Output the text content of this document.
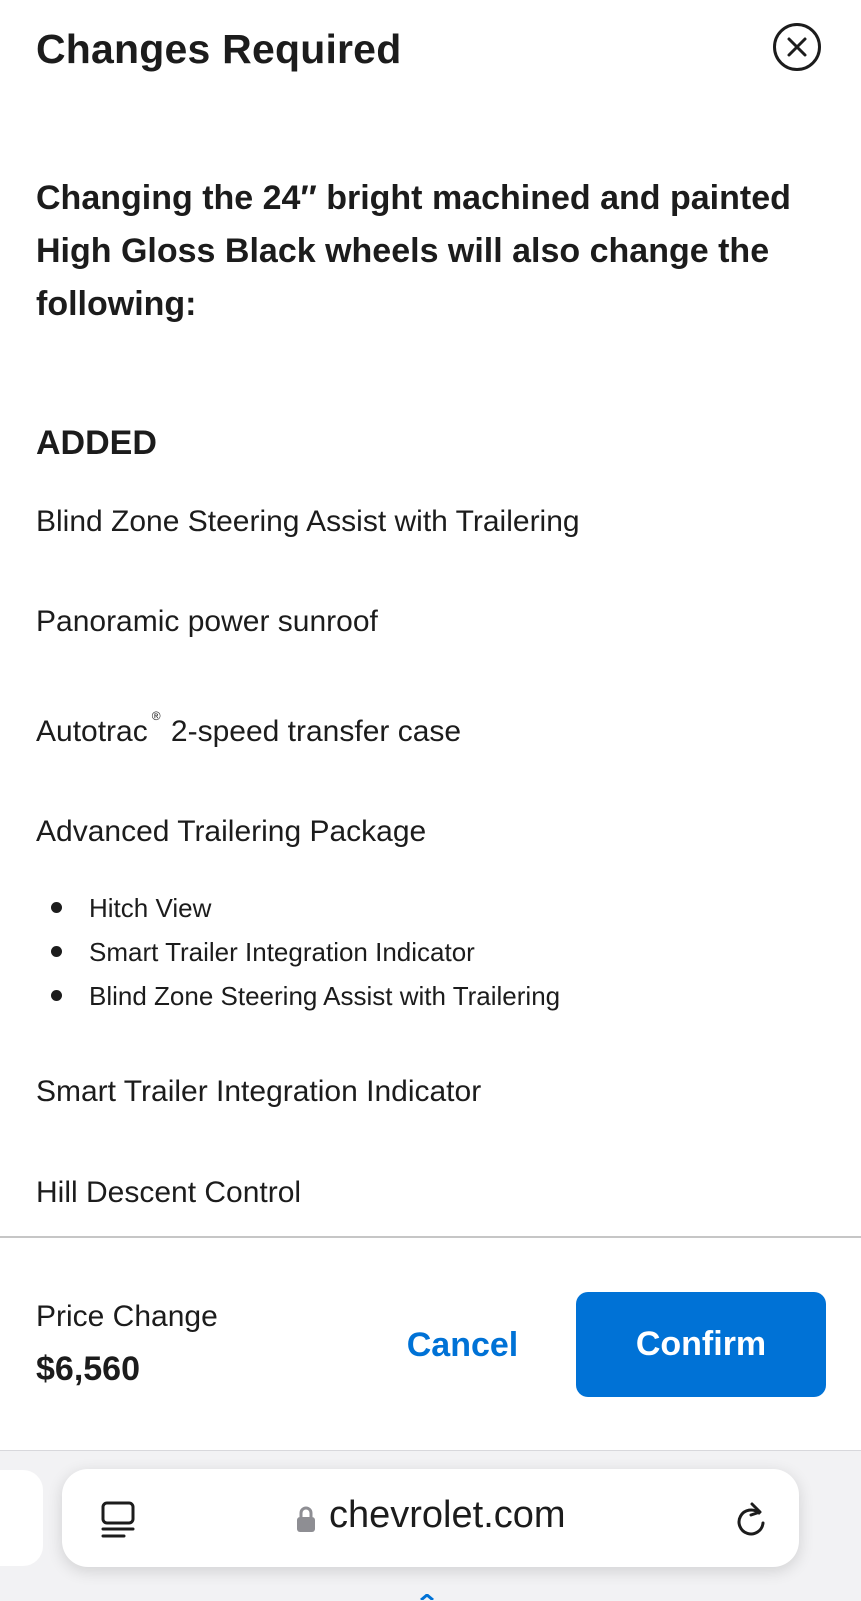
Changes Required

Changing the 24″ bright machined and painted High Gloss Black wheels will also change the following:

ADDED
Blind Zone Steering Assist with Trailering
Panoramic power sunroof
Autotrac ® 2-speed transfer case
Advanced Trailering Package
Hitch View
Smart Trailer Integration Indicator
Blind Zone Steering Assist with Trailering
Smart Trailer Integration Indicator
Hill Descent Control
Price Change
$6,560
Cancel	Confirm
chevrolet.com
